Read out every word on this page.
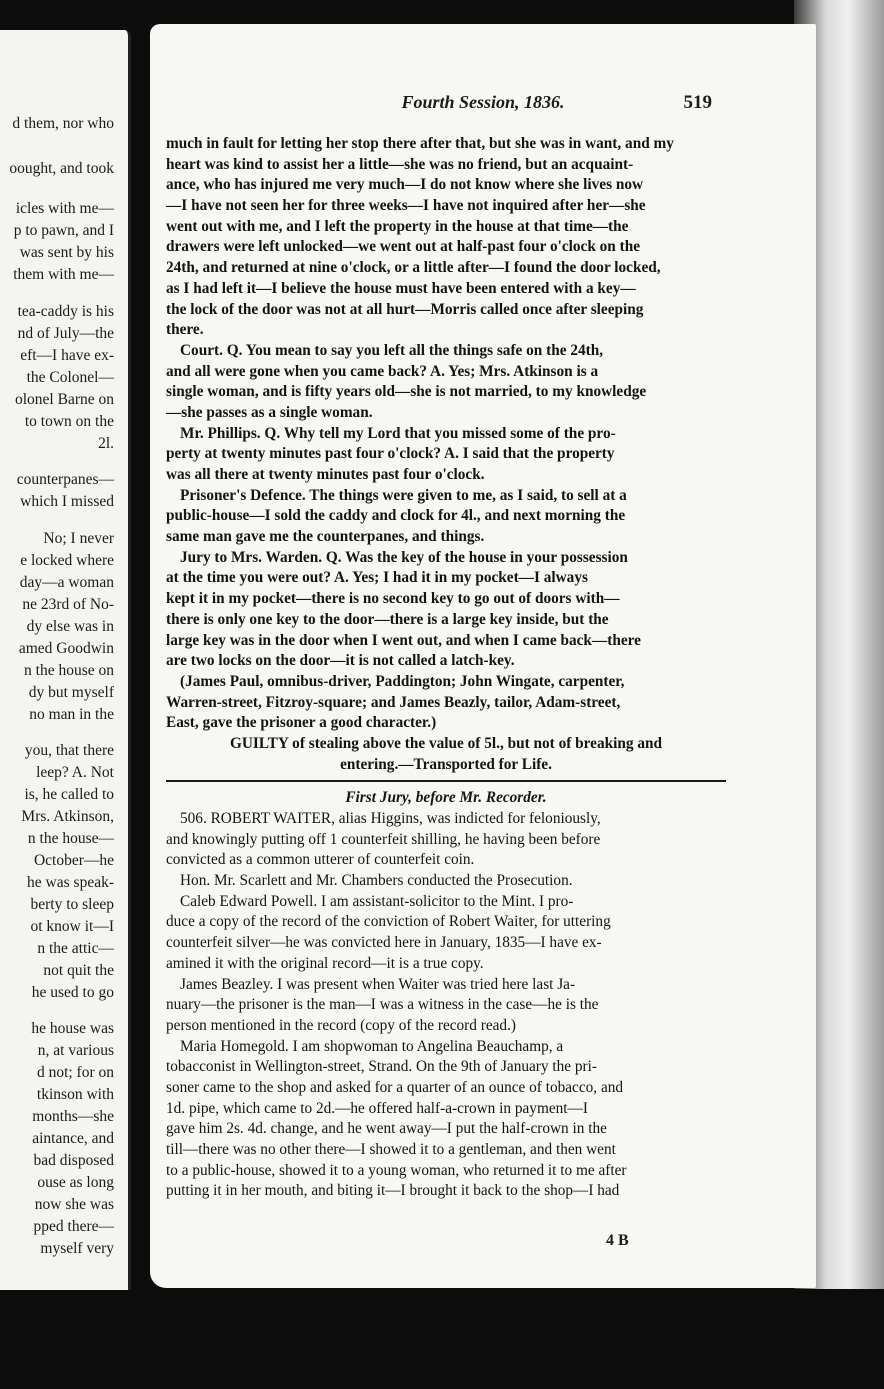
d them, nor who
oought, and took
icles with me—
p to pawn, and I
was sent by his
them with me—
tea-caddy is his
nd of July—the
eft—I have ex-
the Colonel—
olonel Barne on
to town on the
2l.
counterpanes—
which I missed
No; I never
e locked where
day—a woman
ne 23rd of No-
dy else was in
amed Goodwin
n the house on
dy but myself
no man in the
you, that there
leep? A. Not
is, he called to
Mrs. Atkinson,
n the house—
October—he
he was speak-
berty to sleep
ot know it—I
n the attic—
not quit the
he used to go
he house was
n, at various
d not; for on
tkinson with
months—she
aintance, and
bad disposed
ouse as long
now she was
pped there—
myself very
Fourth Session, 1836.	519
much in fault for letting her stop there after that, but she was in want, and my
heart was kind to assist her a little—she was no friend, but an acquaint-
ance, who has injured me very much—I do not know where she lives now
—I have not seen her for three weeks—I have not inquired after her—she
went out with me, and I left the property in the house at that time—the
drawers were left unlocked—we went out at half-past four o'clock on the
24th, and returned at nine o'clock, or a little after—I found the door locked,
as I had left it—I believe the house must have been entered with a key—
the lock of the door was not at all hurt—Morris called once after sleeping
there.
Court. Q. You mean to say you left all the things safe on the 24th,
and all were gone when you came back? A. Yes; Mrs. Atkinson is a
single woman, and is fifty years old—she is not married, to my knowledge
—she passes as a single woman.
Mr. Phillips. Q. Why tell my Lord that you missed some of the pro-
perty at twenty minutes past four o'clock? A. I said that the property
was all there at twenty minutes past four o'clock.
Prisoner's Defence. The things were given to me, as I said, to sell at a
public-house—I sold the caddy and clock for 4l., and next morning the
same man gave me the counterpanes, and things.
Jury to Mrs. Warden. Q. Was the key of the house in your possession
at the time you were out? A. Yes; I had it in my pocket—I always
kept it in my pocket—there is no second key to go out of doors with—
there is only one key to the door—there is a large key inside, but the
large key was in the door when I went out, and when I came back—there
are two locks on the door—it is not called a latch-key.
(James Paul, omnibus-driver, Paddington; John Wingate, carpenter,
Warren-street, Fitzroy-square; and James Beazly, tailor, Adam-street,
East, gave the prisoner a good character.)
GUILTY of stealing above the value of 5l., but not of breaking and
entering.—Transported for Life.
First Jury, before Mr. Recorder.
506. ROBERT WAITER, alias Higgins, was indicted for feloniously,
and knowingly putting off 1 counterfeit shilling, he having been before
convicted as a common utterer of counterfeit coin.
Hon. Mr. Scarlett and Mr. Chambers conducted the Prosecution.
Caleb Edward Powell. I am assistant-solicitor to the Mint. I pro-
duce a copy of the record of the conviction of Robert Waiter, for uttering
counterfeit silver—he was convicted here in January, 1835—I have ex-
amined it with the original record—it is a true copy.
James Beazley. I was present when Waiter was tried here last Ja-
nuary—the prisoner is the man—I was a witness in the case—he is the
person mentioned in the record (copy of the record read.)
Maria Homegold. I am shopwoman to Angelina Beauchamp, a
tobacconist in Wellington-street, Strand. On the 9th of January the pri-
soner came to the shop and asked for a quarter of an ounce of tobacco, and
1d. pipe, which came to 2d.—he offered half-a-crown in payment—I
gave him 2s. 4d. change, and he went away—I put the half-crown in the
till—there was no other there—I showed it to a gentleman, and then went
to a public-house, showed it to a young woman, who returned it to me after
putting it in her mouth, and biting it—I brought it back to the shop—I had
4 B
